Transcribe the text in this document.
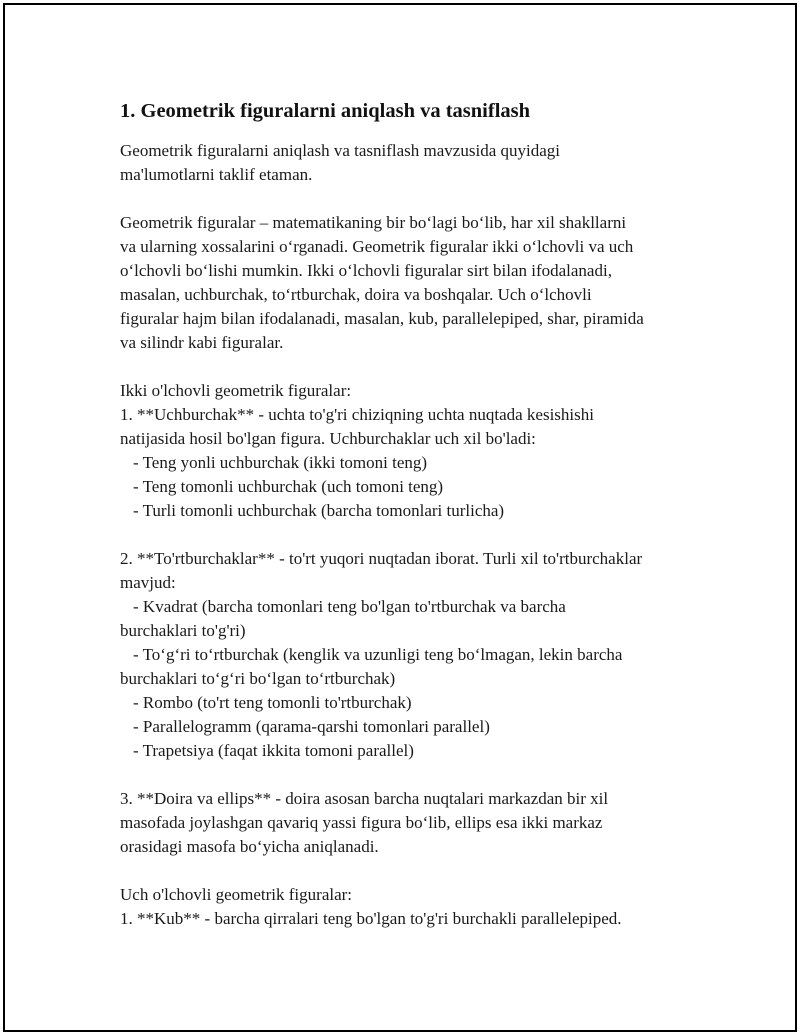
1. Geometrik figuralarni aniqlash va tasniflash

Geometrik figuralarni aniqlash va tasniflash mavzusida quyidagi
ma'lumotlarni taklif etaman.

Geometrik figuralar – matematikaning bir bo‘lagi bo‘lib, har xil shakllarni
va ularning xossalarini o‘rganadi. Geometrik figuralar ikki o‘lchovli va uch
o‘lchovli bo‘lishi mumkin. Ikki o‘lchovli figuralar sirt bilan ifodalanadi,
masalan, uchburchak, to‘rtburchak, doira va boshqalar. Uch o‘lchovli
figuralar hajm bilan ifodalanadi, masalan, kub, parallelepiped, shar, piramida
va silindr kabi figuralar.

Ikki o'lchovli geometrik figuralar:
1. **Uchburchak** - uchta to'g'ri chiziqning uchta nuqtada kesishishi
natijasida hosil bo'lgan figura. Uchburchaklar uch xil bo'ladi:
- Teng yonli uchburchak (ikki tomoni teng)
- Teng tomonli uchburchak (uch tomoni teng)
- Turli tomonli uchburchak (barcha tomonlari turlicha)

2. **To'rtburchaklar** - to'rt yuqori nuqtadan iborat. Turli xil to'rtburchaklar
mavjud:
- Kvadrat (barcha tomonlari teng bo'lgan to'rtburchak va barcha
burchaklari to'g'ri)
- To‘g‘ri to‘rtburchak (kenglik va uzunligi teng bo‘lmagan, lekin barcha
burchaklari to‘g‘ri bo‘lgan to‘rtburchak)
- Rombo (to'rt teng tomonli to'rtburchak)
- Parallelogramm (qarama-qarshi tomonlari parallel)
- Trapetsiya (faqat ikkita tomoni parallel)

3. **Doira va ellips** - doira asosan barcha nuqtalari markazdan bir xil
masofada joylashgan qavariq yassi figura bo‘lib, ellips esa ikki markaz
orasidagi masofa bo‘yicha aniqlanadi.

Uch o'lchovli geometrik figuralar:
1. **Kub** - barcha qirralari teng bo'lgan to'g'ri burchakli parallelepiped.
